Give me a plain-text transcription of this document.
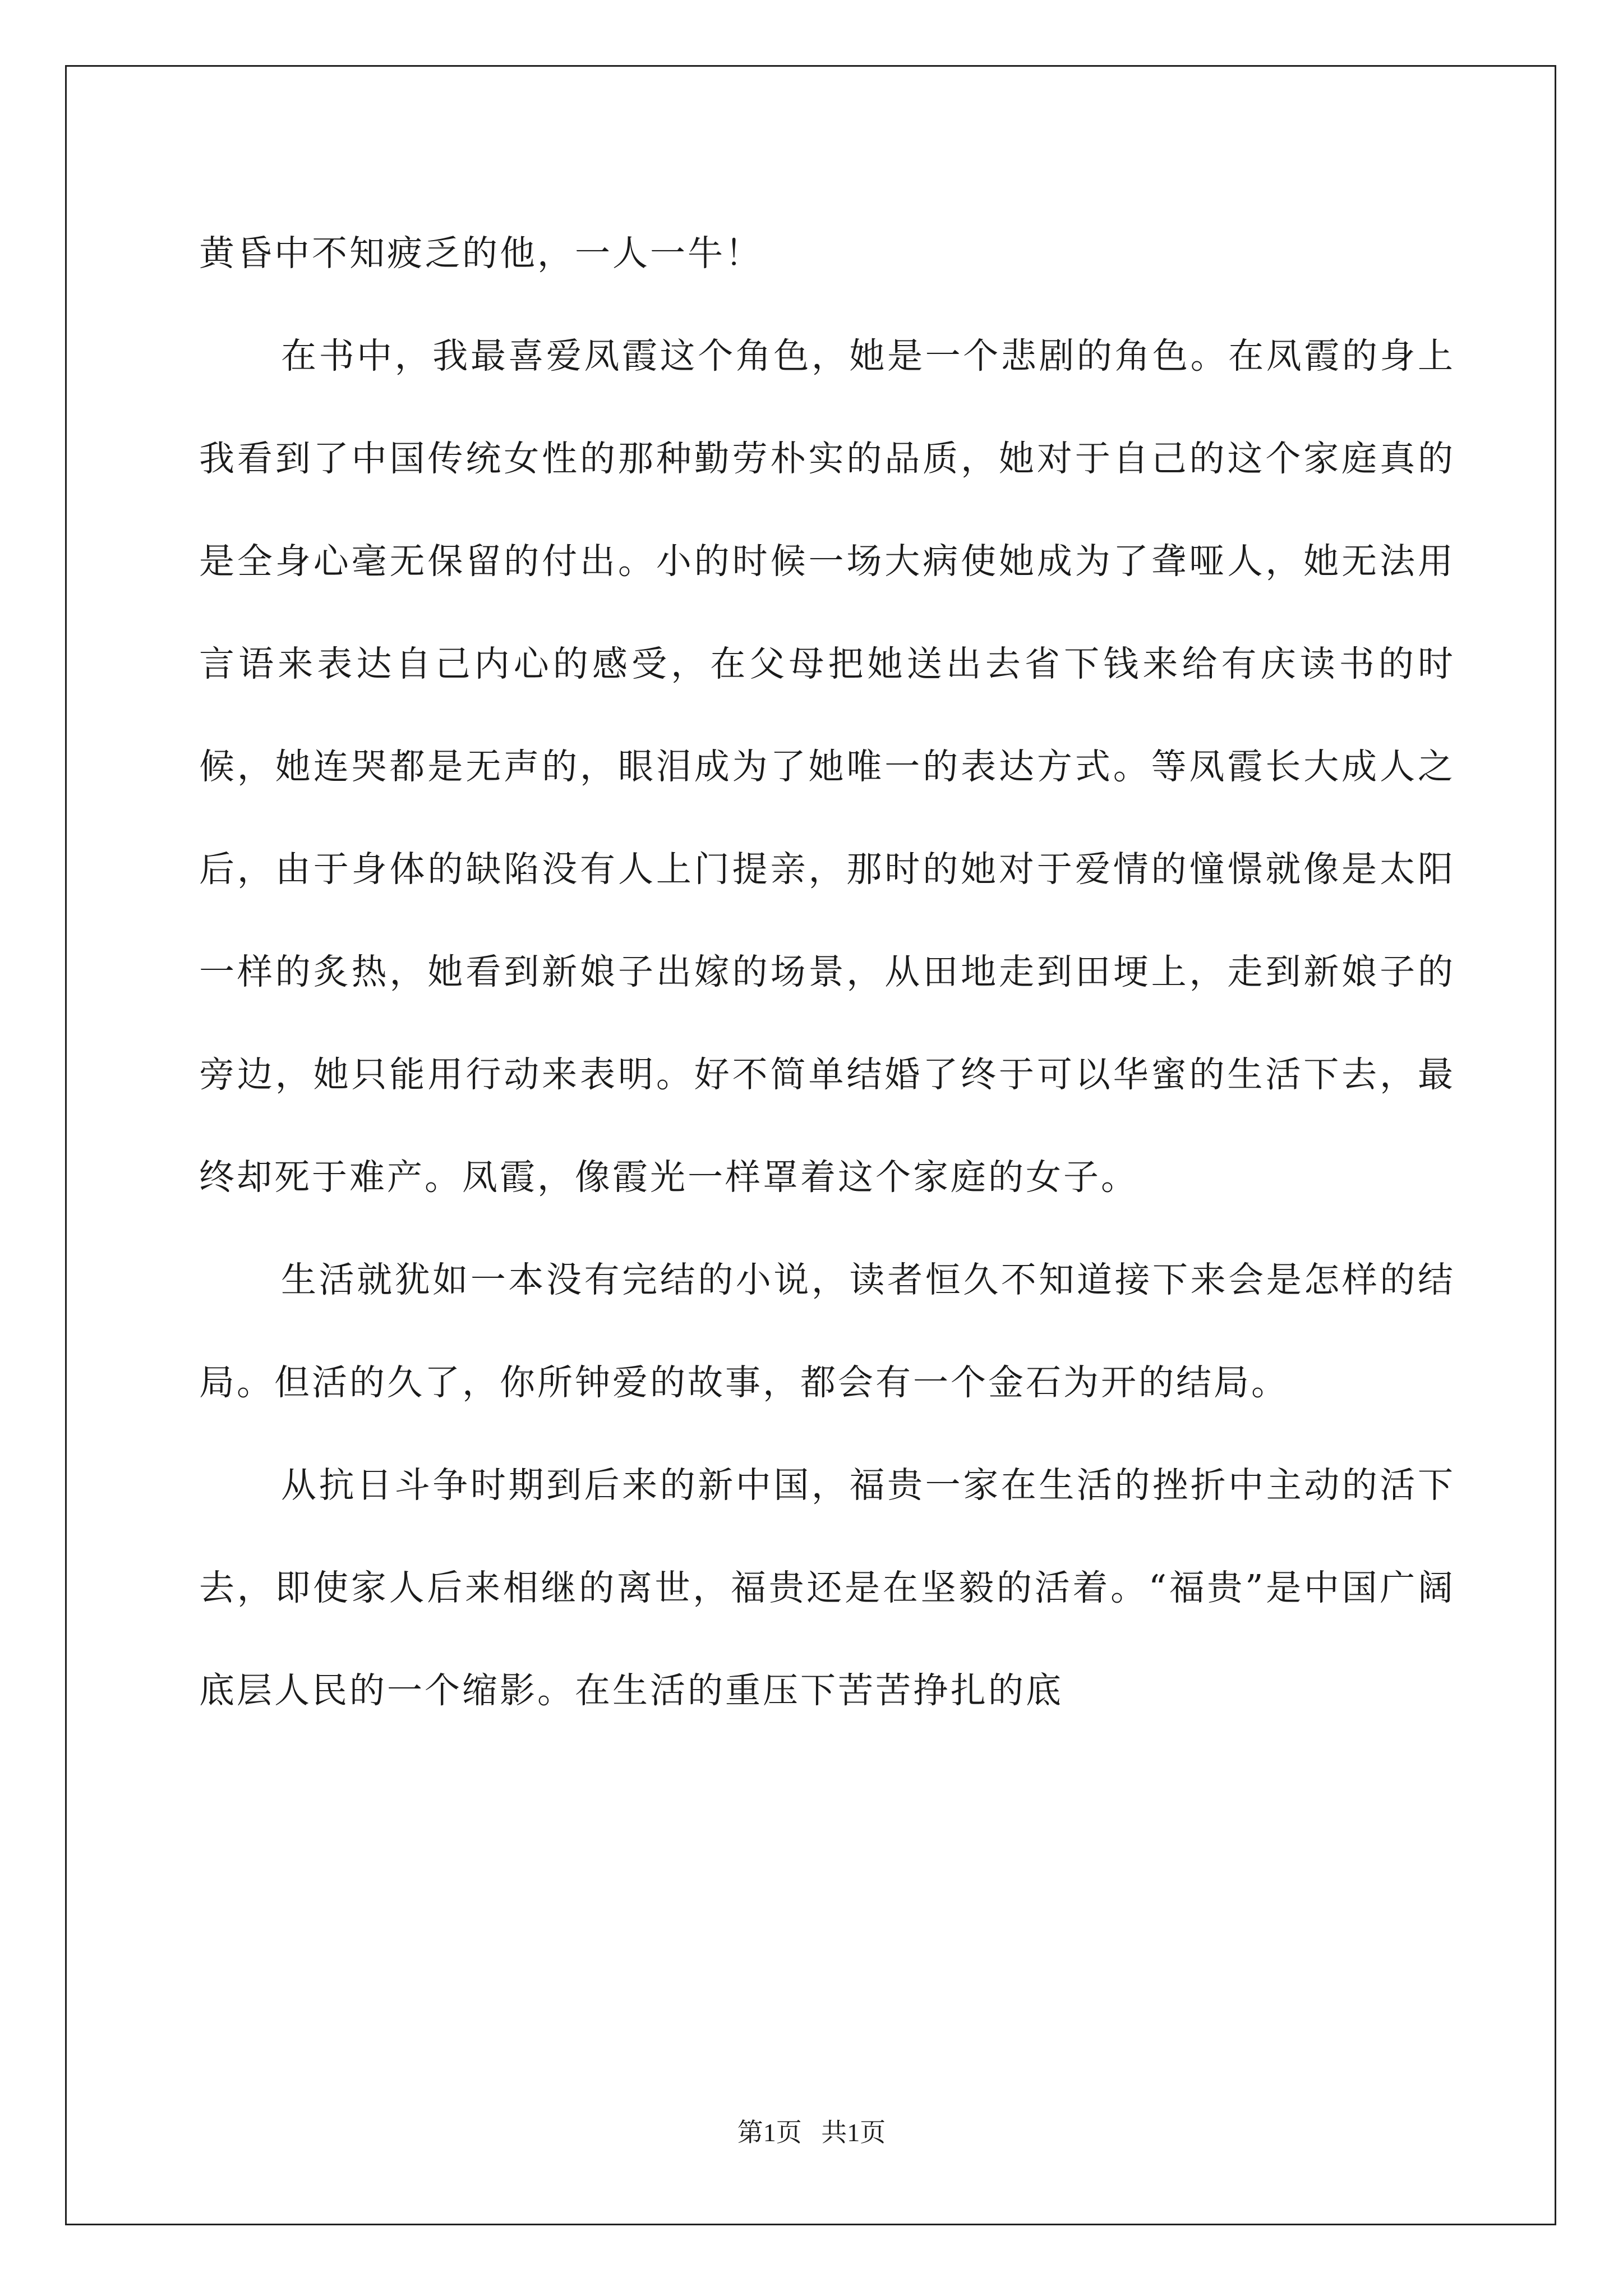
黄昏中不知疲乏的他，一人一牛！

在书中，我最喜爱凤霞这个角色，她是一个悲剧的角色。在凤霞的身上我看到了中国传统女性的那种勤劳朴实的品质，她对于自己的这个家庭真的是全身心毫无保留的付出。小的时候一场大病使她成为了聋哑人，她无法用言语来表达自己内心的感受，在父母把她送出去省下钱来给有庆读书的时候，她连哭都是无声的，眼泪成为了她唯一的表达方式。等凤霞长大成人之后，由于身体的缺陷没有人上门提亲，那时的她对于爱情的憧憬就像是太阳一样的炙热，她看到新娘子出嫁的场景，从田地走到田埂上，走到新娘子的旁边，她只能用行动来表明。好不简单结婚了终于可以华蜜的生活下去，最终却死于难产。凤霞，像霞光一样罩着这个家庭的女子。

生活就犹如一本没有完结的小说，读者恒久不知道接下来会是怎样的结局。但活的久了，你所钟爱的故事，都会有一个金石为开的结局。

从抗日斗争时期到后来的新中国，福贵一家在生活的挫折中主动的活下去，即使家人后来相继的离世，福贵还是在坚毅的活着。“福贵”是中国广阔底层人民的一个缩影。在生活的重压下苦苦挣扎的底

第1页   共1页
